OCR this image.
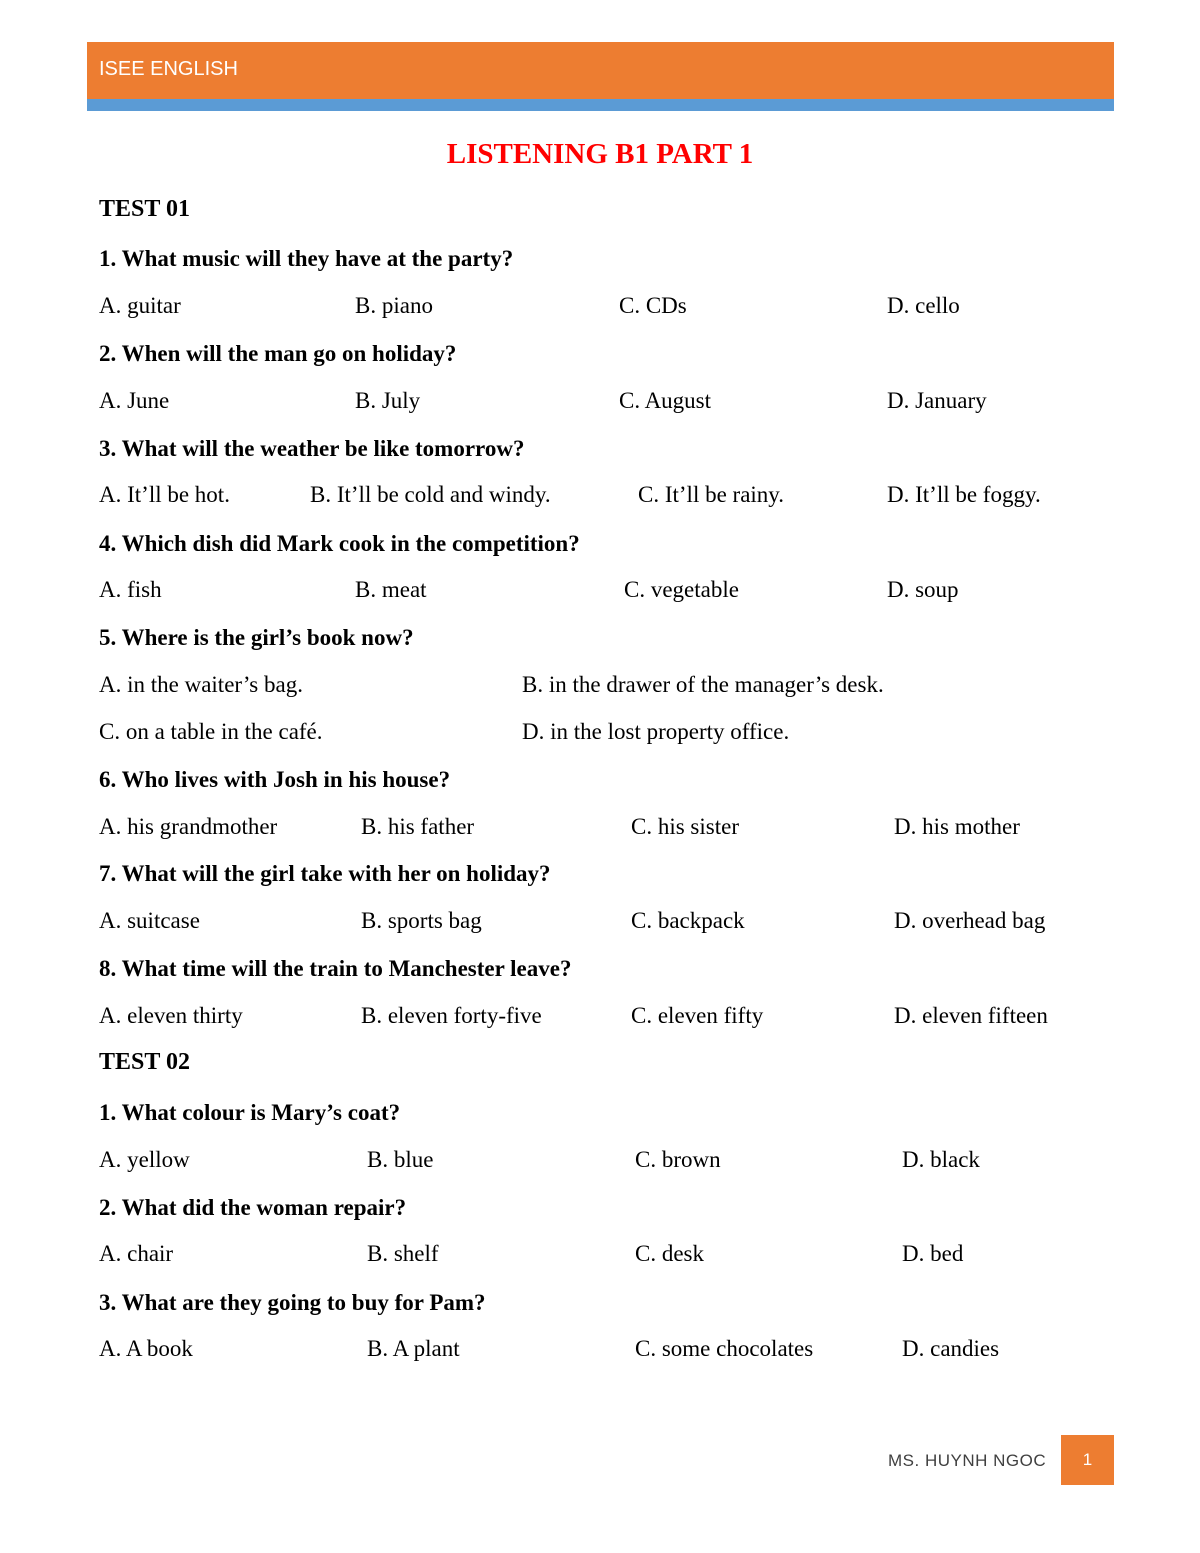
ISEE ENGLISH
LISTENING B1 PART 1
TEST 01
1. What music will they have at the party?
A. guitar	B. piano	C. CDs	D. cello
2. When will the man go on holiday?
A. June	B. July	C. August	D. January
3. What will the weather be like tomorrow?
A. It’ll be hot.	B. It’ll be cold and windy.	C. It’ll be rainy.	D. It’ll be foggy.
4. Which dish did Mark cook in the competition?
A. fish	B. meat	C. vegetable	D. soup
5. Where is the girl’s book now?
A. in the waiter’s bag.	B. in the drawer of the manager’s desk.
C. on a table in the café.	D. in the lost property office.
6. Who lives with Josh in his house?
A. his grandmother	B. his father	C. his sister	D. his mother
7. What will the girl take with her on holiday?
A. suitcase	B. sports bag	C. backpack	D. overhead bag
8. What time will the train to Manchester leave?
A. eleven thirty	B. eleven forty-five	C. eleven fifty	D. eleven fifteen
TEST 02
1. What colour is Mary’s coat?
A. yellow	B. blue	C. brown	D. black
2. What did the woman repair?
A. chair	B. shelf	C. desk	D. bed
3. What are they going to buy for Pam?
A. A book	B. A plant	C. some chocolates	D. candies
MS. HUYNH NGOC	1
